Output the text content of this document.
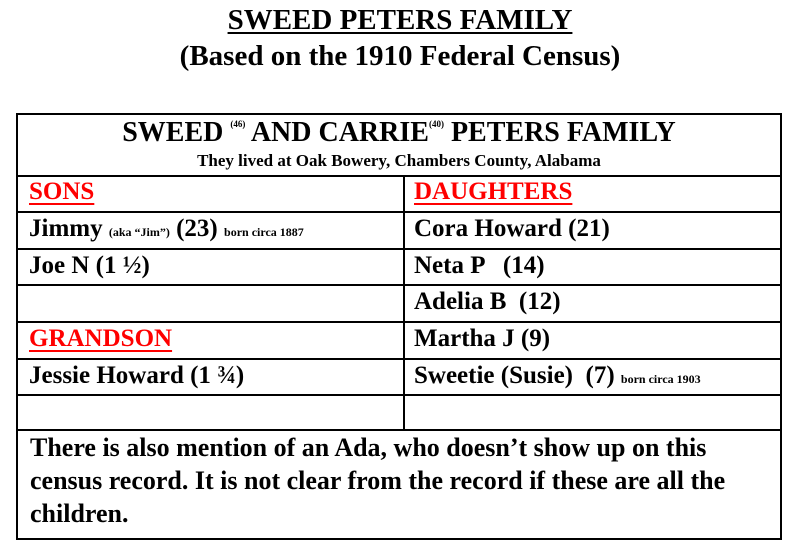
SWEED PETERS FAMILY
(Based on the 1910 Federal Census)
SWEED $^{(46)}$ AND CARRIE$^{(40)}$ PETERS FAMILY
They lived at Oak Bowery, Chambers County, Alabama
SONS
Jimmy (aka “Jim”) (23) born circa 1887
Joe N (1 ½)
GRANDSON
Jessie Howard (1 ¾)
DAUGHTERS
Cora Howard (21)
Neta P   (14)
Adelia B  (12)
Martha J (9)
Sweetie (Susie)  (7) born circa 1903
There is also mention of an Ada, who doesn’t show up on this census record. It is not clear from the record if these are all the children.
